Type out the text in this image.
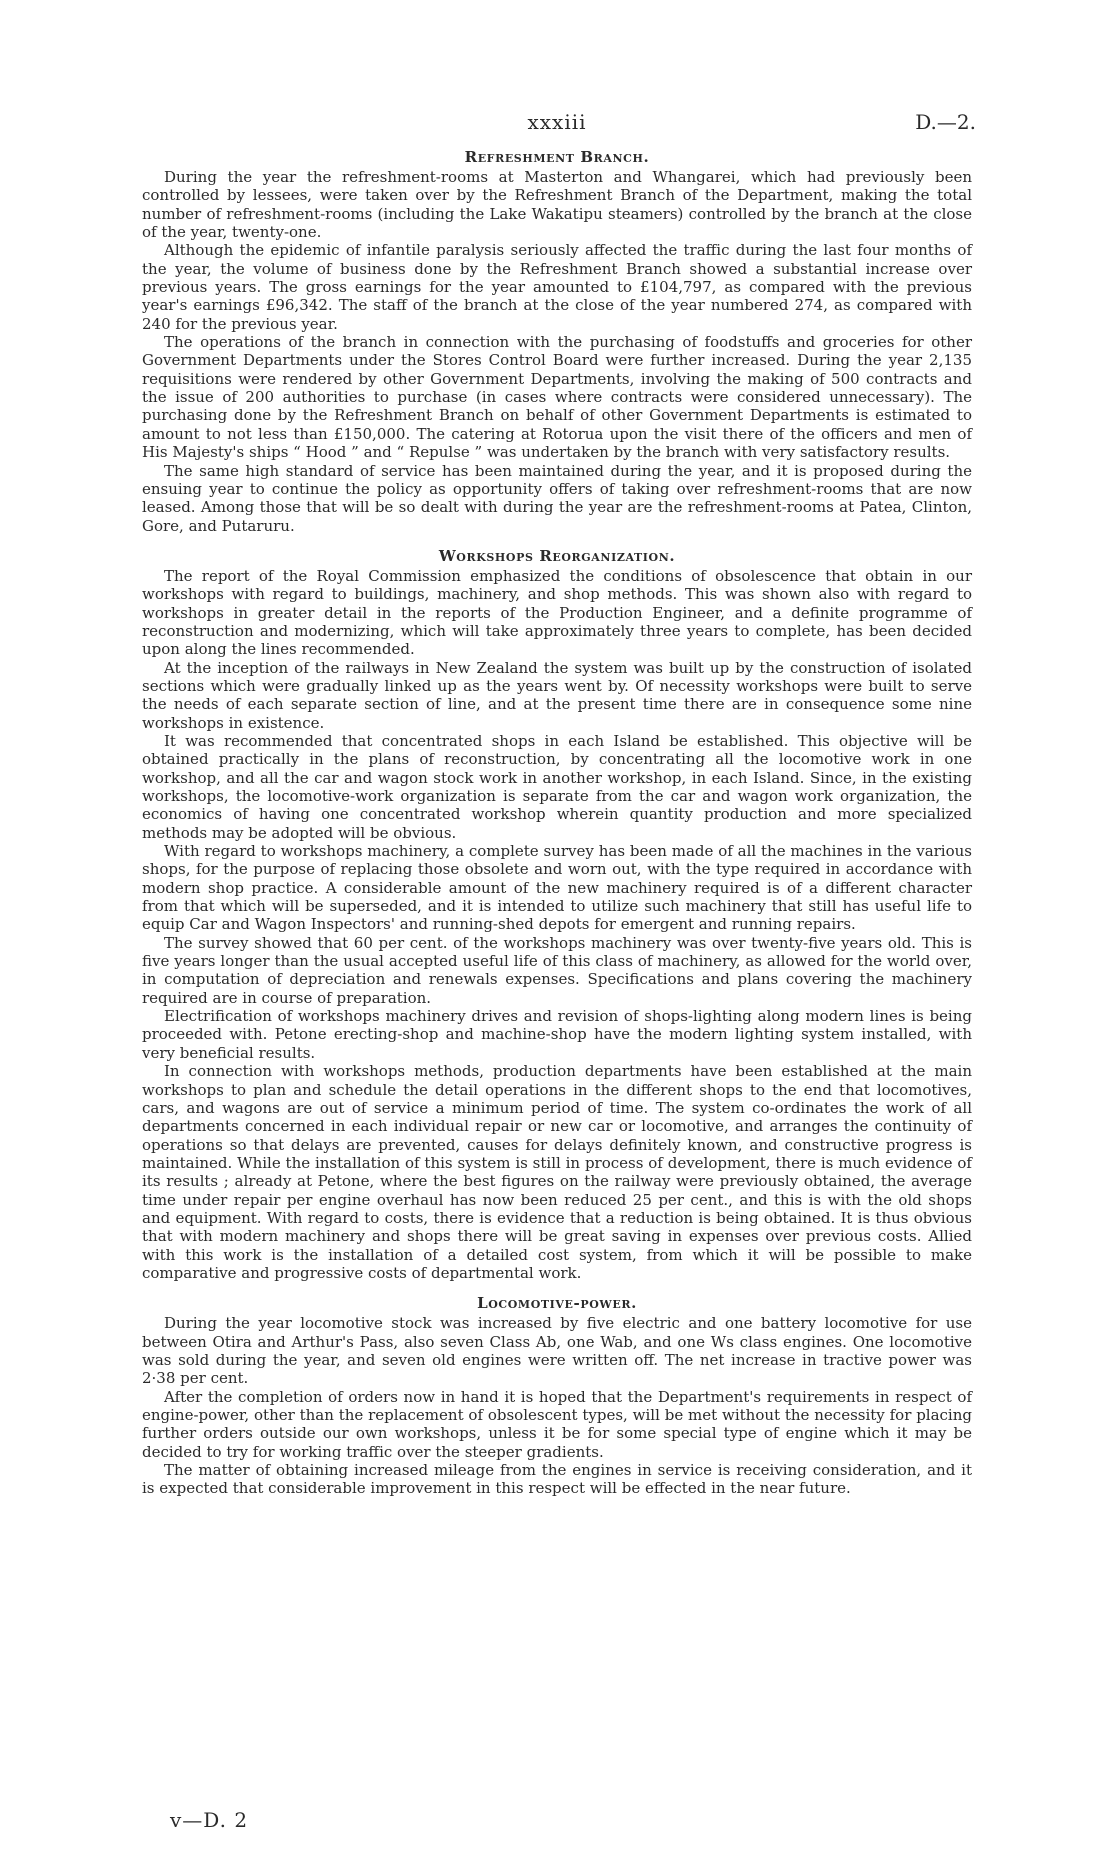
xxxiii	D.—2.
Refreshment Branch.

During the year the refreshment-rooms at Masterton and Whangarei, which had previously been controlled by lessees, were taken over by the Refreshment Branch of the Department, making the total number of refreshment-rooms (including the Lake Wakatipu steamers) controlled by the branch at the close of the year, twenty-one.

Although the epidemic of infantile paralysis seriously affected the traffic during the last four months of the year, the volume of business done by the Refreshment Branch showed a substantial increase over previous years. The gross earnings for the year amounted to £104,797, as compared with the previous year's earnings £96,342. The staff of the branch at the close of the year numbered 274, as compared with 240 for the previous year.

The operations of the branch in connection with the purchasing of foodstuffs and groceries for other Government Departments under the Stores Control Board were further increased. During the year 2,135 requisitions were rendered by other Government Departments, involving the making of 500 contracts and the issue of 200 authorities to purchase (in cases where contracts were considered unnecessary). The purchasing done by the Refreshment Branch on behalf of other Government Departments is estimated to amount to not less than £150,000. The catering at Rotorua upon the visit there of the officers and men of His Majesty's ships “ Hood ” and “ Repulse ” was undertaken by the branch with very satisfactory results.

The same high standard of service has been maintained during the year, and it is proposed during the ensuing year to continue the policy as opportunity offers of taking over refreshment-rooms that are now leased. Among those that will be so dealt with during the year are the refreshment-rooms at Patea, Clinton, Gore, and Putaruru.

Workshops Reorganization.

The report of the Royal Commission emphasized the conditions of obsolescence that obtain in our workshops with regard to buildings, machinery, and shop methods. This was shown also with regard to workshops in greater detail in the reports of the Production Engineer, and a definite programme of reconstruction and modernizing, which will take approximately three years to complete, has been decided upon along the lines recommended.

At the inception of the railways in New Zealand the system was built up by the construction of isolated sections which were gradually linked up as the years went by. Of necessity workshops were built to serve the needs of each separate section of line, and at the present time there are in consequence some nine workshops in existence.

It was recommended that concentrated shops in each Island be established. This objective will be obtained practically in the plans of reconstruction, by concentrating all the locomotive work in one workshop, and all the car and wagon stock work in another workshop, in each Island. Since, in the existing workshops, the locomotive-work organization is separate from the car and wagon work organization, the economics of having one concentrated workshop wherein quantity production and more specialized methods may be adopted will be obvious.

With regard to workshops machinery, a complete survey has been made of all the machines in the various shops, for the purpose of replacing those obsolete and worn out, with the type required in accordance with modern shop practice. A considerable amount of the new machinery required is of a different character from that which will be superseded, and it is intended to utilize such machinery that still has useful life to equip Car and Wagon Inspectors' and running-shed depots for emergent and running repairs.

The survey showed that 60 per cent. of the workshops machinery was over twenty-five years old. This is five years longer than the usual accepted useful life of this class of machinery, as allowed for the world over, in computation of depreciation and renewals expenses. Specifications and plans covering the machinery required are in course of preparation.

Electrification of workshops machinery drives and revision of shops-lighting along modern lines is being proceeded with. Petone erecting-shop and machine-shop have the modern lighting system installed, with very beneficial results.

In connection with workshops methods, production departments have been established at the main workshops to plan and schedule the detail operations in the different shops to the end that locomotives, cars, and wagons are out of service a minimum period of time. The system co-ordinates the work of all departments concerned in each individual repair or new car or locomotive, and arranges the continuity of operations so that delays are prevented, causes for delays definitely known, and constructive progress is maintained. While the installation of this system is still in process of development, there is much evidence of its results ; already at Petone, where the best figures on the railway were previously obtained, the average time under repair per engine overhaul has now been reduced 25 per cent., and this is with the old shops and equipment. With regard to costs, there is evidence that a reduction is being obtained. It is thus obvious that with modern machinery and shops there will be great saving in expenses over previous costs. Allied with this work is the installation of a detailed cost system, from which it will be possible to make comparative and progressive costs of departmental work.

Locomotive-power.

During the year locomotive stock was increased by five electric and one battery locomotive for use between Otira and Arthur's Pass, also seven Class Ab, one Wab, and one Ws class engines. One locomotive was sold during the year, and seven old engines were written off. The net increase in tractive power was 2·38 per cent.

After the completion of orders now in hand it is hoped that the Department's requirements in respect of engine-power, other than the replacement of obsolescent types, will be met without the necessity for placing further orders outside our own workshops, unless it be for some special type of engine which it may be decided to try for working traffic over the steeper gradients.

The matter of obtaining increased mileage from the engines in service is receiving consideration, and it is expected that considerable improvement in this respect will be effected in the near future.

v—D. 2
